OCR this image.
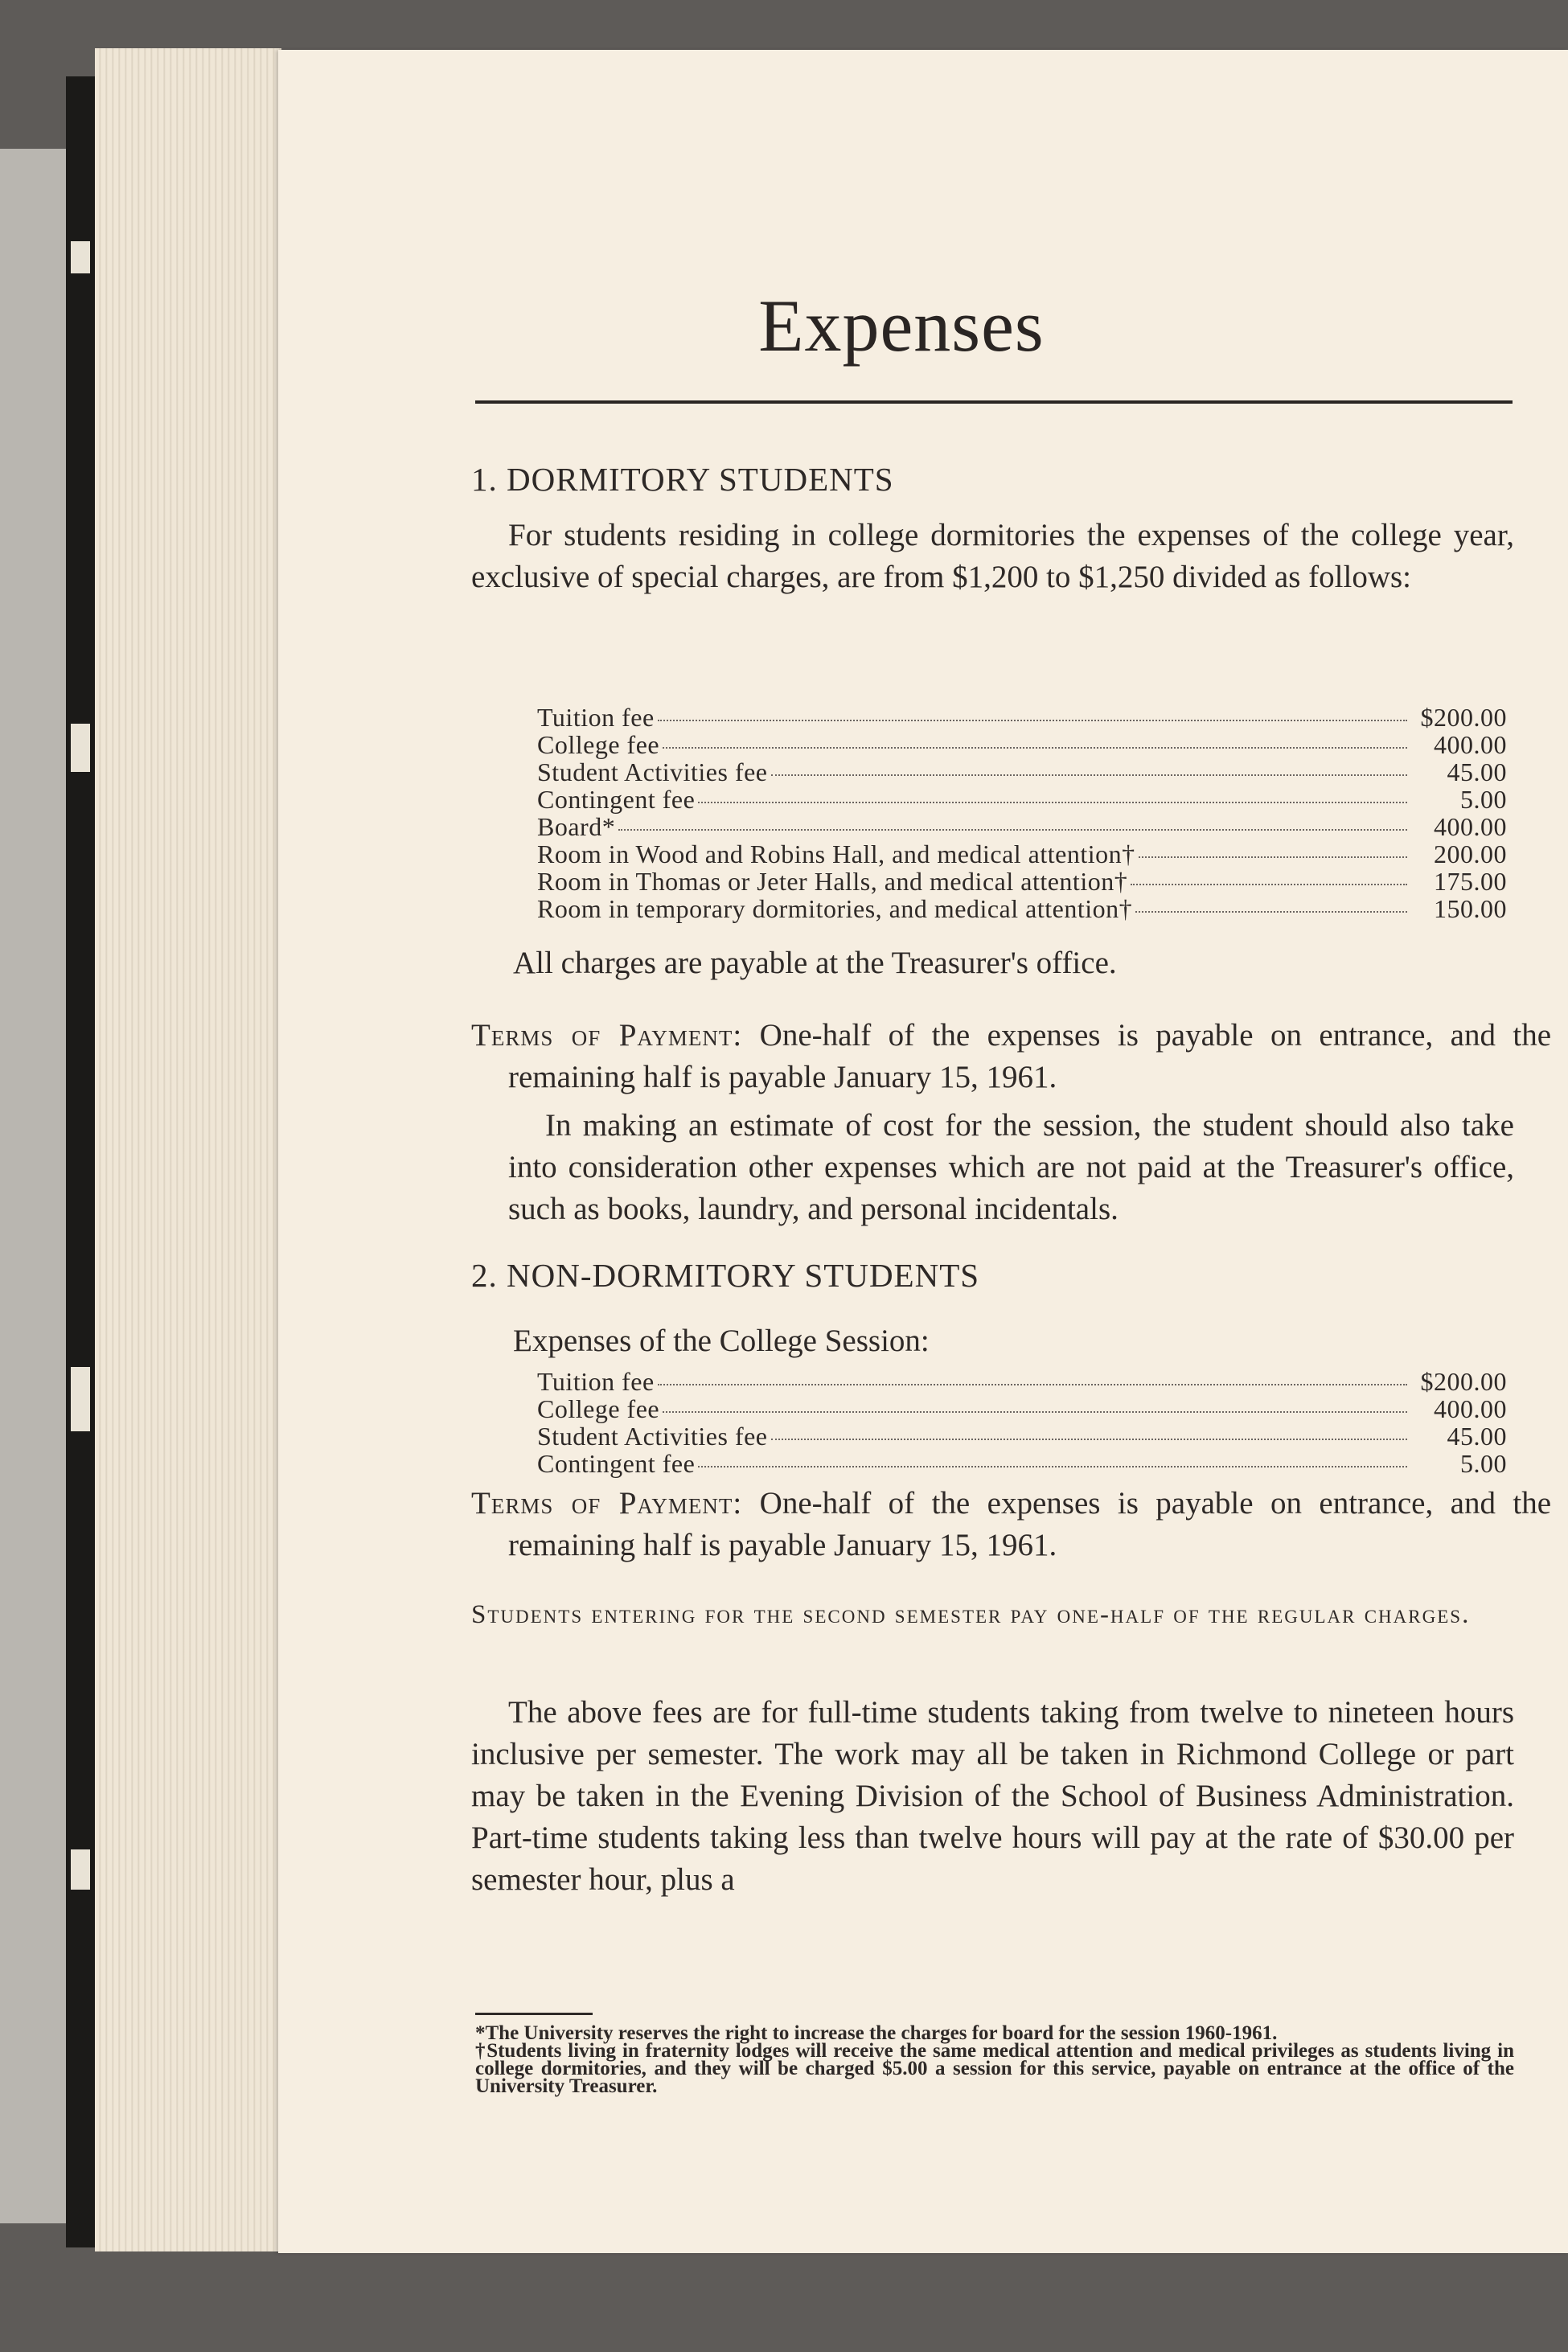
Expenses
1. DORMITORY STUDENTS
For students residing in college dormitories the expenses of the college year, exclusive of special charges, are from $1,200 to $1,250 divided as follows:
Tuition fee	$200.00
College fee	400.00
Student Activities fee	45.00
Contingent fee	5.00
Board*	400.00
Room in Wood and Robins Hall, and medical attention†	200.00
Room in Thomas or Jeter Halls, and medical attention†	175.00
Room in temporary dormitories, and medical attention†	150.00
All charges are payable at the Treasurer's office.
Terms of Payment: One-half of the expenses is payable on entrance, and the remaining half is payable January 15, 1961.
In making an estimate of cost for the session, the student should also take into consideration other expenses which are not paid at the Treasurer's office, such as books, laundry, and personal incidentals.
2. NON-DORMITORY STUDENTS
Expenses of the College Session:
Tuition fee	$200.00
College fee	400.00
Student Activities fee	45.00
Contingent fee	5.00
Terms of Payment: One-half of the expenses is payable on entrance, and the remaining half is payable January 15, 1961.
Students entering for the second semester pay one-half of the regular charges.
The above fees are for full-time students taking from twelve to nineteen hours inclusive per semester. The work may all be taken in Richmond College or part may be taken in the Evening Division of the School of Business Administration. Part-time students taking less than twelve hours will pay at the rate of $30.00 per semester hour, plus a
*The University reserves the right to increase the charges for board for the session 1960-1961.
†Students living in fraternity lodges will receive the same medical attention and medical privileges as students living in college dormitories, and they will be charged $5.00 a session for this service, payable on entrance at the office of the University Treasurer.
